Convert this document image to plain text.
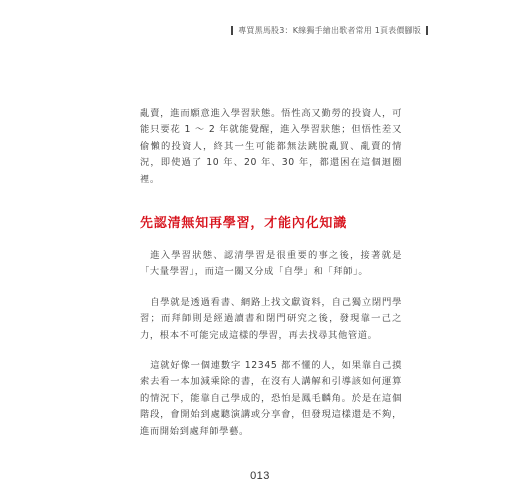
專買黑馬股3：K線獨手繪出歌者常用 1頁表價腳版

亂賣，進而願意進入學習狀態。悟性高又勤勞的投資人，可能只要花 1 ～ 2 年就能覺醒，進入學習狀態；但悟性差又偷懶的投資人，終其一生可能都無法跳脫亂買、亂賣的情況，即使過了 10 年、20 年、30 年，都還困在這個迴圈裡。

先認清無知再學習，才能內化知識

進入學習狀態、認清學習是很重要的事之後，接著就是「大量學習」，而這一關又分成「自學」和「拜師」。

自學就是透過看書、網路上找文獻資料，自己獨立閉門學習；而拜師則是經過讀書和閉門研究之後，發現靠一己之力，根本不可能完成這樣的學習，再去找尋其他管道。

這就好像一個連數字 12345 都不懂的人，如果靠自己摸索去看一本加減乘除的書，在沒有人講解和引導該如何運算的情況下，能靠自己學成的，恐怕是鳳毛麟角。於是在這個階段，會開始到處聽演講或分享會，但發現這樣還是不夠，進而開始到處拜師學藝。

013
